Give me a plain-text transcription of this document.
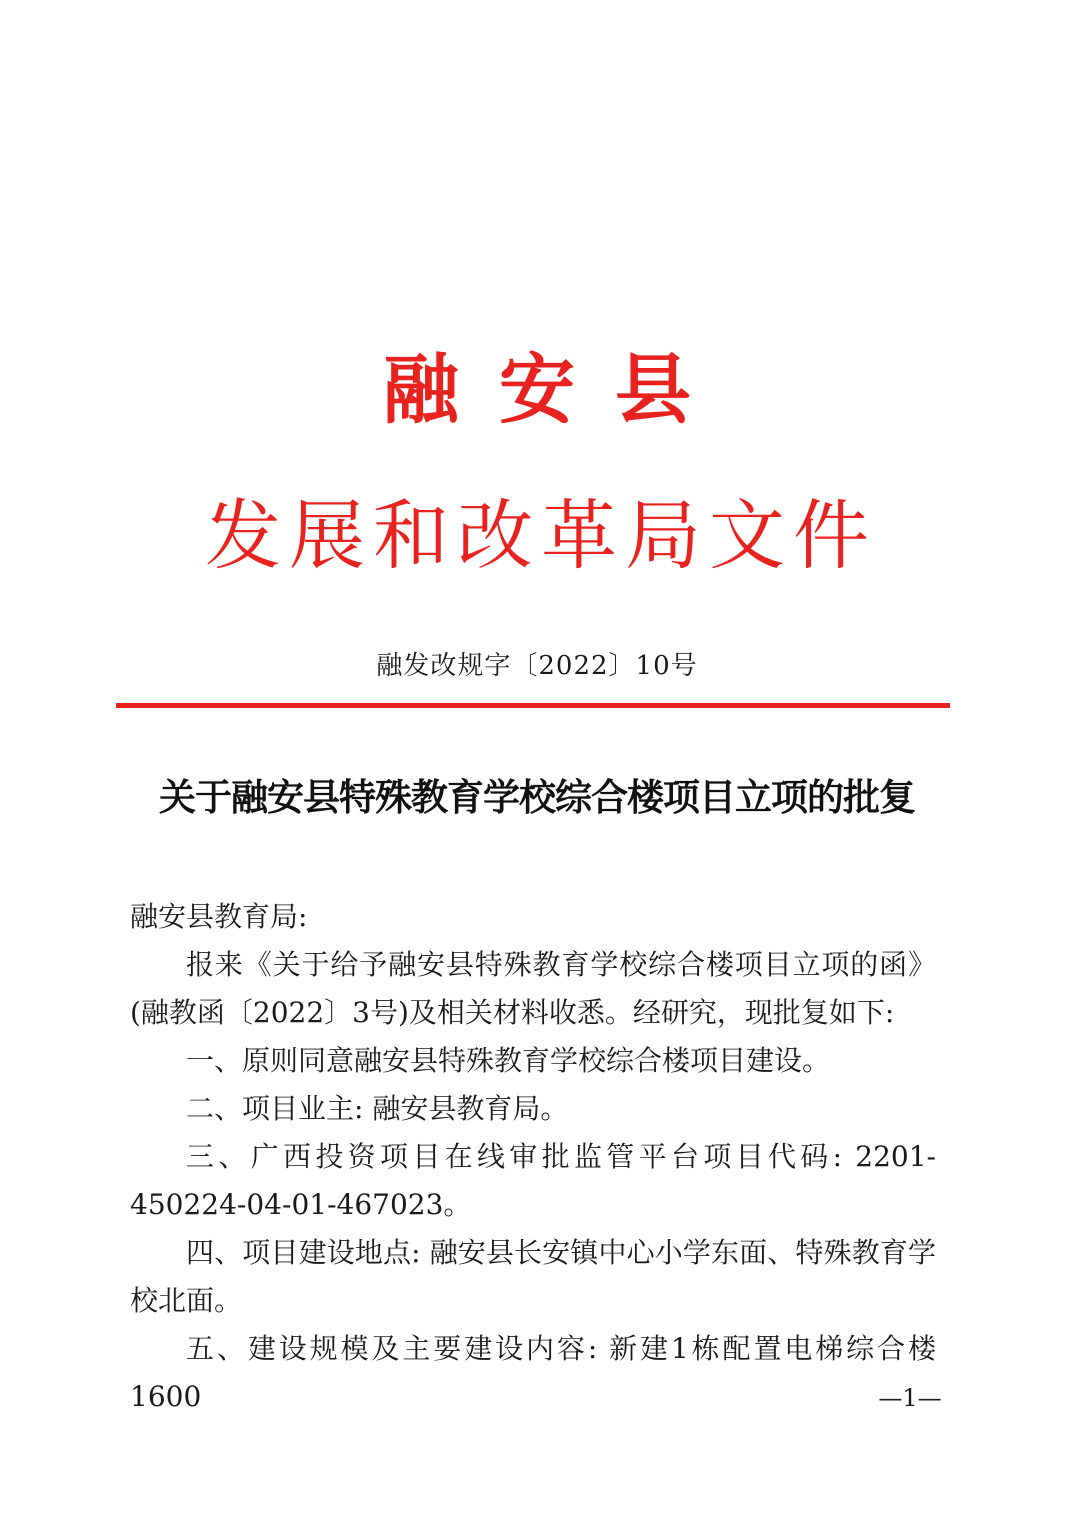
融安县
发展和改革局文件
融发改规字〔2022〕10号
关于融安县特殊教育学校综合楼项目立项的批复

融安县教育局:

报来《关于给予融安县特殊教育学校综合楼项目立项的函》(融教函〔2022〕3号)及相关材料收悉。经研究，现批复如下:

一、原则同意融安县特殊教育学校综合楼项目建设。

二、项目业主: 融安县教育局。

三、广西投资项目在线审批监管平台项目代码: 2201-450224-04-01-467023。

四、项目建设地点: 融安县长安镇中心小学东面、特殊教育学校北面。

五、建设规模及主要建设内容: 新建1栋配置电梯综合楼1600	—1—
